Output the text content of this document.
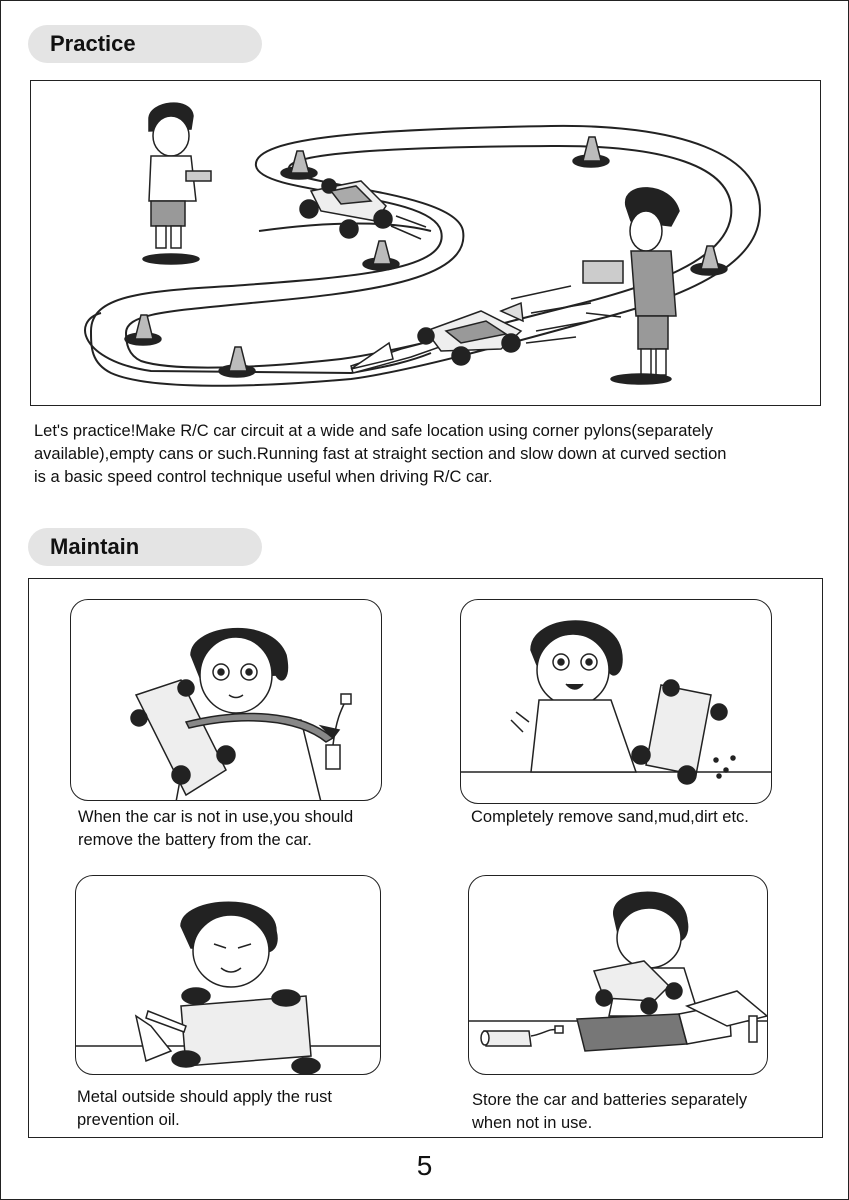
Practice
Let's practice!Make R/C car circuit at a wide and safe location using corner pylons(separately
available),empty cans or such.Running fast at straight section and slow down at curved section
is a basic speed control technique useful when driving R/C car.
Maintain
When the car is not in use,you should
remove the battery from the car.
Completely remove sand,mud,dirt etc.
Metal outside should apply the rust
prevention oil.
Store the car and batteries separately
when not in use.
5
